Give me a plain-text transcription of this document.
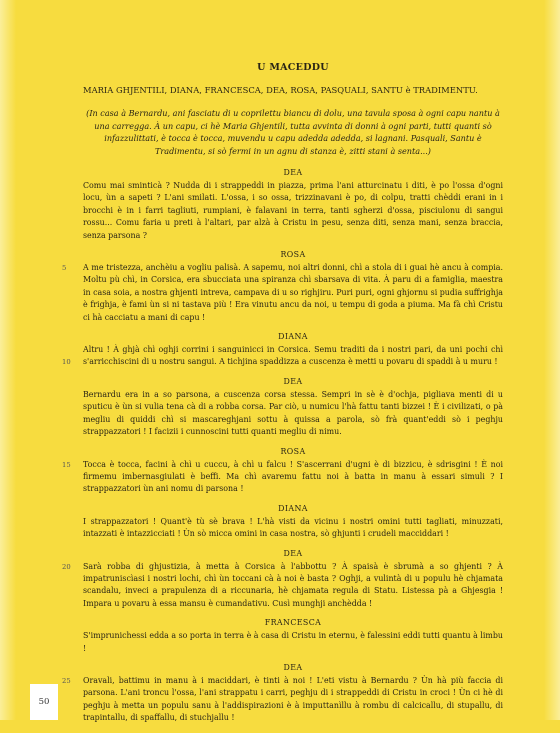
U MACEDDU
MARIA GHJENTILI, DIANA, FRANCESCA, DEA, ROSA, PASQUALI, SANTU è TRADIMENTU.
(In casa à Bernardu, ani fasciatu di u coprilettu biancu di dolu, una tavula sposa à ogni capu nantu à una carregga. À un capu, ci hè Maria Ghjentili, tutta avvinta di donni à ogni parti, tutti quanti sò infazzulittati, è tocca è tocca, muvendu u capu adedda adedda, si lagnani. Pasquali, Santu è Tradimentu, si sò fermi in un agnu di stanza è, zitti stani à senta...)
DEA

Comu mai sminticà ? Nudda di i strappeddi in piazza, prima l'ani atturcinatu i diti, è po l'ossa d'ogni locu, ùn a sapeti ? L'ani smilati. L'ossa, i so ossa, trizzinavani è po, di colpu, tratti chèddi erani in i brocchi è in i farri tagliuti, rumpiani, è falavani in terra, tanti sgherzi d'ossa, pisciulonu di sangui rossu... Comu faria u preti à l'altari, par alzà à Cristu in pesu, senza diti, senza mani, senza braccia, senza parsona ?

ROSA

5 A me tristezza, anchèiu a vogliu palisà. A sapemu, noi altri donni, chì a stola di i guai hè ancu à compia. Moltu pù chì, in Corsica, era sbucciata una spiranza chì sbarsava di vita. À paru di a famiglia, maestra in casa soia, a nostra ghjenti intreva, campava di u so righjiru. Puri puri, ogni ghjornu si pudia suffrighja è frighja, è fami ùn si ni tastava più ! Era vinutu ancu da noi, u tempu di goda a piuma. Ma fà chì Cristu ci hà cacciatu a mani di capu !

DIANA

10
Altru ! À ghjà chì oghji corrini i sanguinicci in Corsica. Semu traditi da i nostri pari, da uni pochi chì s'arricchiscini di u nostru sangui. A tichjina spaddizza a cuscenza è metti u povaru di spaddi à u muru !

DEA

Bernardu era in a so parsona, a cuscenza corsa stessa. Sempri in sè è d'ochja, pigliava menti di u sputicu è ùn si vulia tena cà di a robba corsa. Par ciò, u numicu l'hà fattu tanti bizzei ! È i civilizati, o pà megliu di quiddi chì si mascareghjani sottu à quissa a parola, sò frà quant'eddi sò i peghju strappazzatori ! I facizii i cunnoscini tutti quanti megliu di nimu.

ROSA

15 Tocca è tocca, facini à chì u cuccu, à chì u falcu ! S'ascerrani d'ugni è di bizzicu, è sdrisgini ! È noi firmemu imbernasgiulati è beffi. Ma chì avaremu fattu noi à batta in manu à essari simuli ? I strappazzatori ùn ani nomu di parsona !

DIANA

I strappazzatori ! Quant'è tù sè brava ! L'hà visti da vicinu i nostri omini tutti tagliati, minuzzati, intazzati è intazzicciati ! Ùn sò micca omini in casa nostra, sò ghjunti i crudeli macciddari !

DEA

20 Sarà robba di ghjustizia, à metta à Corsica à l'abbottu ? À spaisà è sbrumà a so ghjenti ? À impatruniscìasi i nostri lochi, chì ùn toccani cà à noi è basta ? Oghji, a vulintà di u populu hè chjamata scandalu, inveci a prapulenza di a riccunaria, hè chjamata regula di Statu. Listessa pà a Ghjesgia ! Impara u povaru à essa mansu è cumandativu. Cusì munghji anchèdda !

FRANCESCA

S'imprunichessi edda a so porta in terra è à casa di Cristu in eternu, è falessini eddi tutti quantu à limbu !

DEA

25 Oravali, battimu in manu à i maciddari, è tinti à noi ! L'eti vistu à Bernardu ? Ùn hà più faccia di parsona. L'ani troncu l'ossa, l'ani strappatu i carri, peghju di i strappeddi di Cristu in croci ! Ùn ci hè di peghju à metta un populu sanu à l'addispirazioni è à imputtanìllu à rombu di calcicallu, di stupallu, di trapintallu, di spaffallu, di stuchjallu !

50
